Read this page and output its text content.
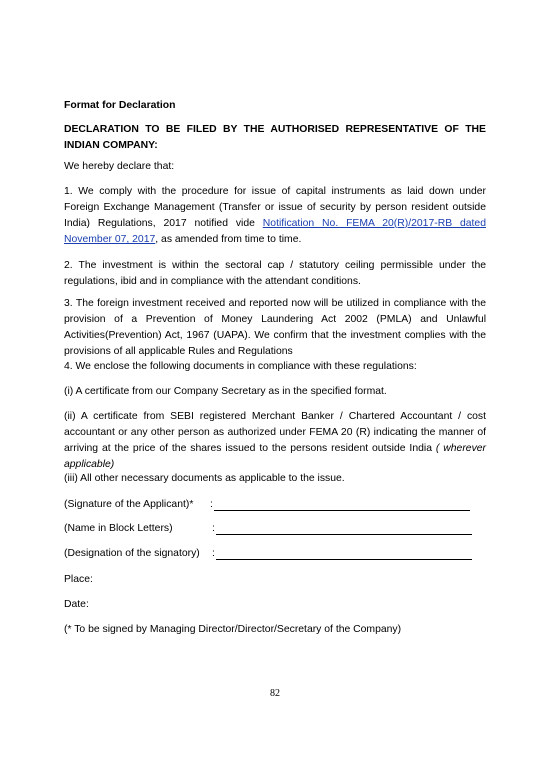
Format for Declaration

DECLARATION TO BE FILED BY THE AUTHORISED REPRESENTATIVE OF THE INDIAN COMPANY:

We hereby declare that:

1. We comply with the procedure for issue of capital instruments as laid down under Foreign Exchange Management (Transfer or issue of security by person resident outside India) Regulations, 2017 notified vide Notification No. FEMA 20(R)/2017-RB dated November 07, 2017, as amended from time to time.

2. The investment is within the sectoral cap / statutory ceiling permissible under the regulations, ibid and in compliance with the attendant conditions.

3. The foreign investment received and reported now will be utilized in compliance with the provision of a Prevention of Money Laundering Act 2002 (PMLA) and Unlawful Activities(Prevention) Act, 1967 (UAPA). We confirm that the investment complies with the provisions of all applicable Rules and Regulations

4. We enclose the following documents in compliance with these regulations:

(i) A certificate from our Company Secretary as in the specified format.

(ii) A certificate from SEBI registered Merchant Banker / Chartered Accountant / cost accountant or any other person as authorized under FEMA 20 (R) indicating the manner of arriving at the price of the shares issued to the persons resident outside India ( wherever applicable)

(iii) All other necessary documents as applicable to the issue.

(Signature of the Applicant)* :
(Name in Block Letters)	:
(Designation of the signatory) :

Place:

Date:

(* To be signed by Managing Director/Director/Secretary of the Company)

82
